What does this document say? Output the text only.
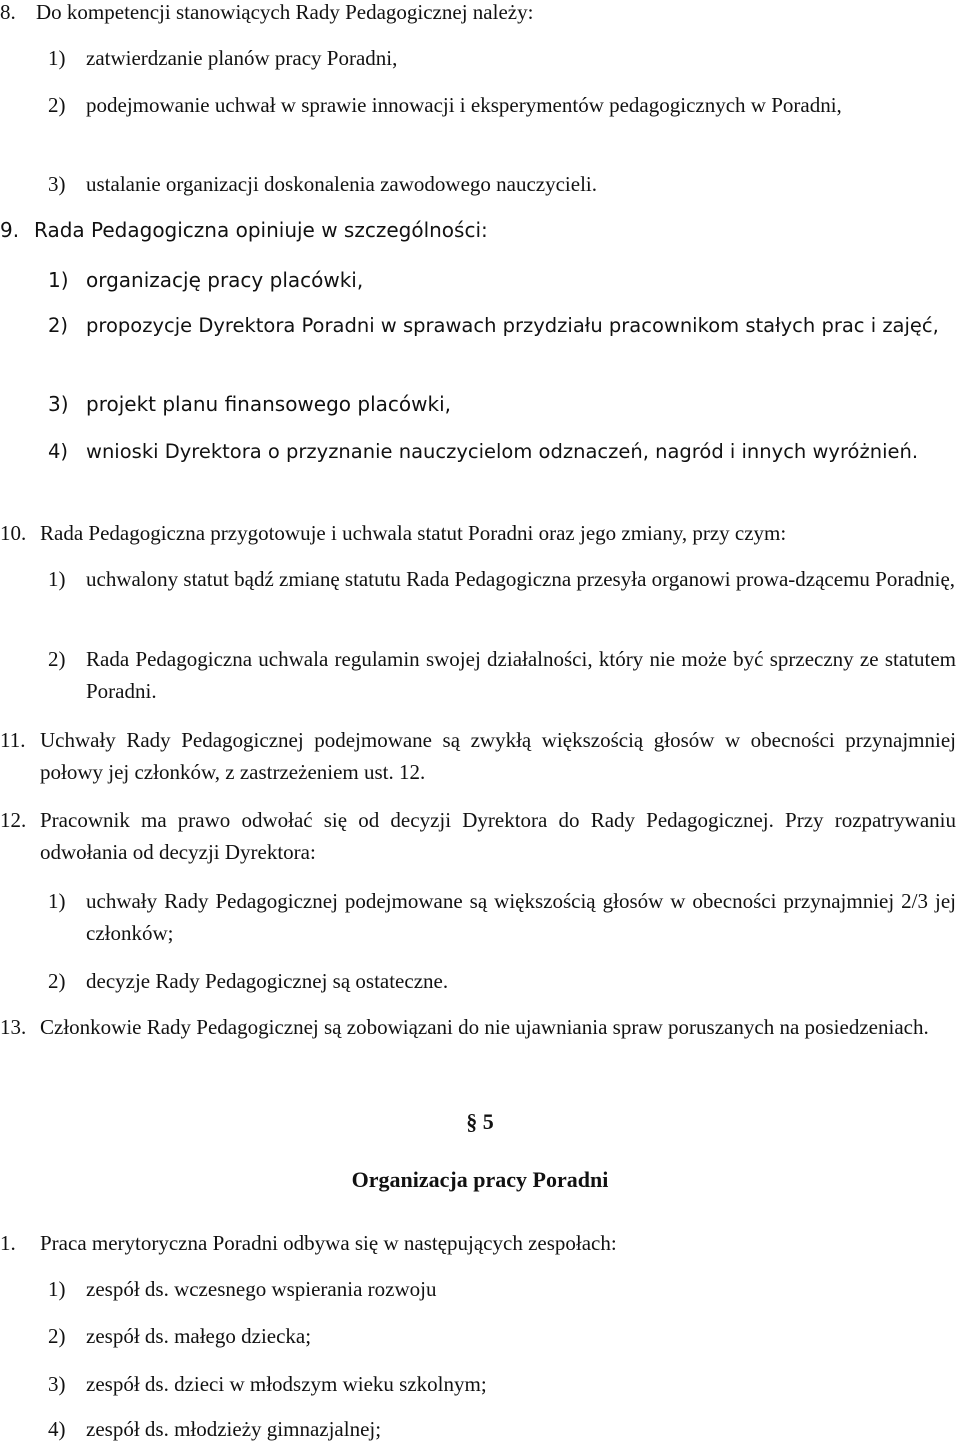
8. Do kompetencji stanowiących Rady Pedagogicznej należy:
1) zatwierdzanie planów pracy Poradni,
2) podejmowanie uchwał w sprawie innowacji i eksperymentów pedagogicznych w Poradni,
3) ustalanie organizacji doskonalenia zawodowego nauczycieli.
9. Rada Pedagogiczna opiniuje w szczególności:
1) organizację pracy placówki,
2) propozycje Dyrektora Poradni w sprawach przydziału pracownikom stałych prac i zajęć,
3) projekt planu finansowego placówki,
4) wnioski Dyrektora o przyznanie nauczycielom odznaczeń, nagród i innych wyróżnień.
10. Rada Pedagogiczna przygotowuje i uchwala statut Poradni oraz jego zmiany, przy czym:
1) uchwalony statut bądź zmianę statutu Rada Pedagogiczna przesyła organowi prowa-dzącemu Poradnię,
2) Rada Pedagogiczna uchwala regulamin swojej działalności, który nie może być sprzeczny ze statutem Poradni.
11. Uchwały Rady Pedagogicznej podejmowane są zwykłą większością głosów w obecności przynajmniej połowy jej członków, z zastrzeżeniem ust. 12.
12. Pracownik ma prawo odwołać się od decyzji Dyrektora do Rady Pedagogicznej. Przy rozpatrywaniu odwołania od decyzji Dyrektora:
1) uchwały Rady Pedagogicznej podejmowane są większością głosów w obecności przynajmniej 2/3 jej członków;
2) decyzje Rady Pedagogicznej są ostateczne.
13. Członkowie Rady Pedagogicznej są zobowiązani do nie ujawniania spraw poruszanych na posiedzeniach.
§ 5
Organizacja pracy Poradni
1. Praca merytoryczna Poradni odbywa się w następujących zespołach:
1) zespół ds. wczesnego wspierania rozwoju
2) zespół ds. małego dziecka;
3) zespół ds. dzieci w młodszym wieku szkolnym;
4) zespół ds. młodzieży gimnazjalnej;
